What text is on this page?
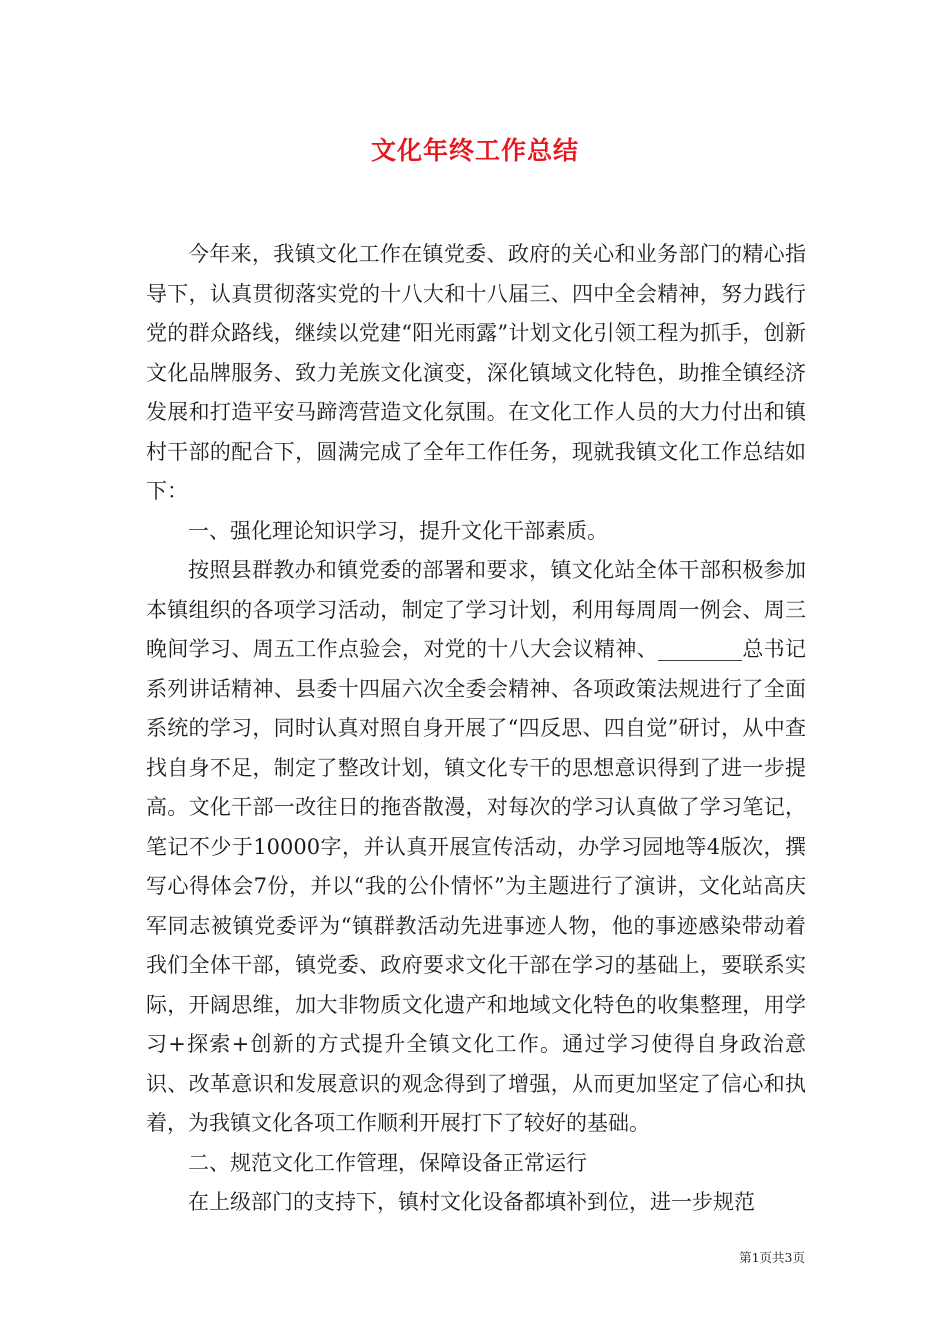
文化年终工作总结

今年来，我镇文化工作在镇党委、政府的关心和业务部门的精心指导下，认真贯彻落实党的十八大和十八届三、四中全会精神，努力践行党的群众路线，继续以党建“阳光雨露”计划文化引领工程为抓手，创新文化品牌服务、致力羌族文化演变，深化镇域文化特色，助推全镇经济发展和打造平安马蹄湾营造文化氛围。在文化工作人员的大力付出和镇村干部的配合下，圆满完成了全年工作任务，现就我镇文化工作总结如下：

一、强化理论知识学习，提升文化干部素质。

按照县群教办和镇党委的部署和要求，镇文化站全体干部积极参加本镇组织的各项学习活动，制定了学习计划，利用每周周一例会、周三晚间学习、周五工作点验会，对党的十八大会议精神、________总书记系列讲话精神、县委十四届六次全委会精神、各项政策法规进行了全面系统的学习，同时认真对照自身开展了“四反思、四自觉”研讨，从中查找自身不足，制定了整改计划，镇文化专干的思想意识得到了进一步提高。文化干部一改往日的拖沓散漫，对每次的学习认真做了学习笔记，笔记不少于10000字，并认真开展宣传活动，办学习园地等4版次，撰写心得体会7份，并以“我的公仆情怀”为主题进行了演讲，文化站高庆军同志被镇党委评为“镇群教活动先进事迹人物，他的事迹感染带动着我们全体干部，镇党委、政府要求文化干部在学习的基础上，要联系实际，开阔思维，加大非物质文化遗产和地域文化特色的收集整理，用学习+探索+创新的方式提升全镇文化工作。通过学习使得自身政治意识、改革意识和发展意识的观念得到了增强，从而更加坚定了信心和执着，为我镇文化各项工作顺利开展打下了较好的基础。

二、规范文化工作管理，保障设备正常运行

在上级部门的支持下，镇村文化设备都填补到位，进一步规范

第1页共3页
